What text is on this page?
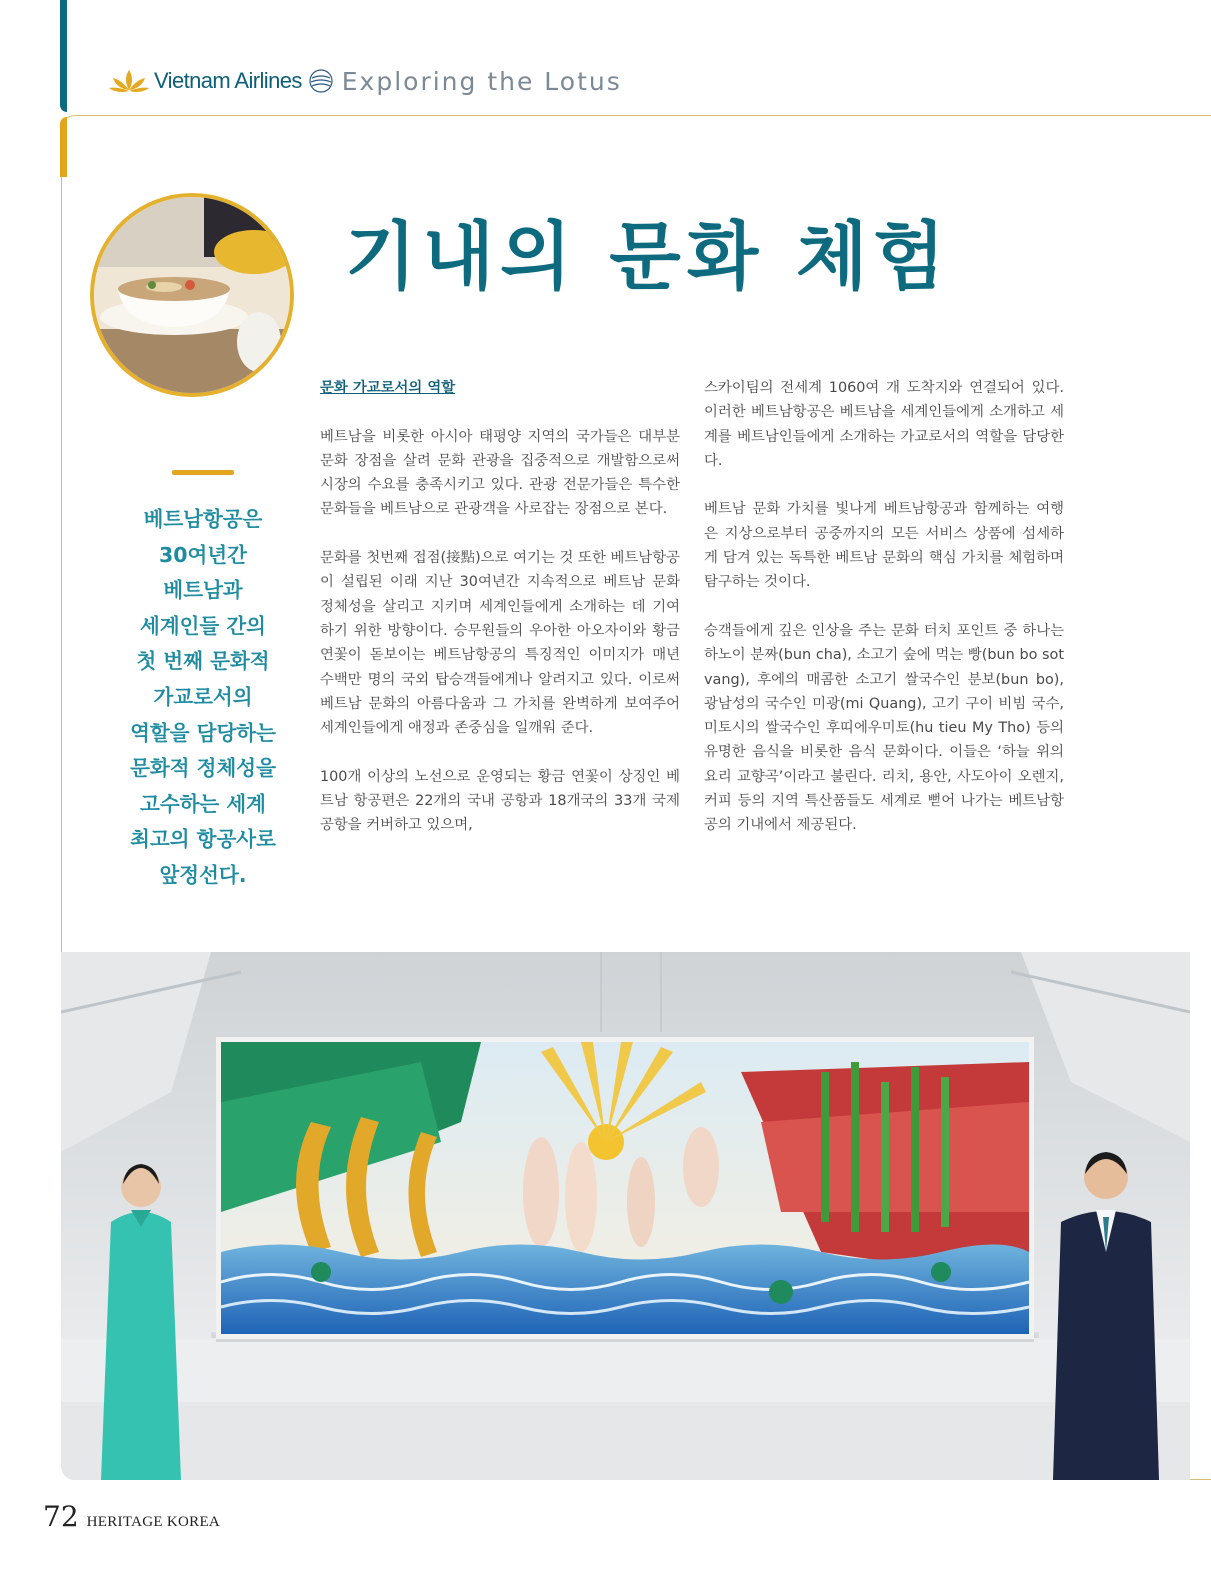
Vietnam Airlines Exploring the Lotus
기내의 문화 체험
베트남항공은
30여년간
베트남과
세계인들 간의
첫 번째 문화적
가교로서의
역할을 담당하는
문화적 정체성을
고수하는 세계
최고의 항공사로
앞정선다.

문화 가교로서의 역할

베트남을 비롯한 아시아 태평양 지역의 국가들은 대부분 문화 장점을 살려 문화 관광을 집중적으로 개발함으로써 시장의 수요를 충족시키고 있다. 관광 전문가들은 특수한 문화들을 베트남으로 관광객을 사로잡는 장점으로 본다.

문화를 첫번째 접점(接點)으로 여기는 것 또한 베트남항공이 설립된 이래 지난 30여년간 지속적으로 베트남 문화 정체성을 살리고 지키며 세계인들에게 소개하는 데 기여하기 위한 방향이다. 승무원들의 우아한 아오자이와 황금 연꽃이 돋보이는 베트남항공의 특징적인 이미지가 매년 수백만 명의 국외 탑승객들에게나 알려지고 있다. 이로써 베트남 문화의 아름다움과 그 가치를 완벽하게 보여주어 세계인들에게 애정과 존중심을 일깨워 준다.

100개 이상의 노선으로 운영되는 황금 연꽃이 상징인 베트남 항공편은 22개의 국내 공항과 18개국의 33개 국제 공항을 커버하고 있으며,

스카이팀의 전세계 1060여 개 도착지와 연결되어 있다. 이러한 베트남항공은 베트남을 세계인들에게 소개하고 세계를 베트남인들에게 소개하는 가교로서의 역할을 담당한다.

베트남 문화 가치를 빛나게 베트남항공과 함께하는 여행은 지상으로부터 공중까지의 모든 서비스 상품에 섬세하게 담겨 있는 독특한 베트남 문화의 핵심 가치를 체험하며 탐구하는 것이다.

승객들에게 깊은 인상을 주는 문화 터치 포인트 중 하나는 하노이 분짜(bun cha), 소고기 숲에 먹는 빵(bun bo sot vang), 후에의 매콤한 소고기 쌀국수인 분보(bun bo), 광남성의 국수인 미광(mi Quang), 고기 구이 비빔 국수, 미토시의 쌀국수인 후띠에우미토(hu tieu My Tho) 등의 유명한 음식을 비롯한 음식 문화이다. 이들은 ‘하늘 위의 요리 교향곡’이라고 불린다. 리치, 용안, 사도아이 오렌지, 커피 등의 지역 특산품들도 세계로 뻗어 나가는 베트남항공의 기내에서 제공된다.

72 HERITAGE KOREA
